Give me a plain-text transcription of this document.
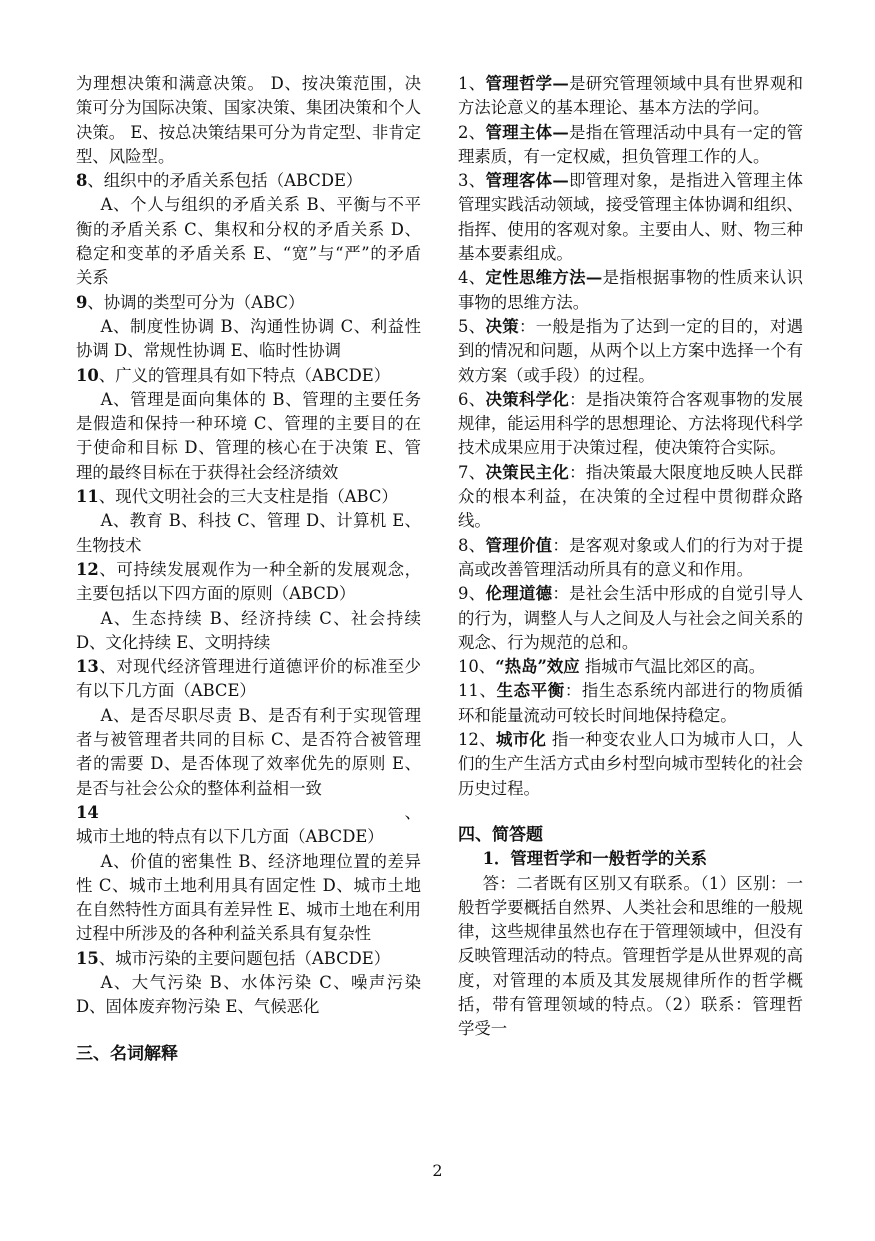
为理想决策和满意决策。 D、按决策范围，决策可分为国际决策、国家决策、集团决策和个人决策。 E、按总决策结果可分为肯定型、非肯定型、风险型。

8、组织中的矛盾关系包括（ABCDE）

A、个人与组织的矛盾关系 B、平衡与不平衡的矛盾关系 C、集权和分权的矛盾关系 D、稳定和变革的矛盾关系 E、“宽”与“严”的矛盾关系

9、协调的类型可分为（ABC）

A、制度性协调 B、沟通性协调 C、利益性协调 D、常规性协调 E、临时性协调

10、广义的管理具有如下特点（ABCDE）

A、管理是面向集体的 B、管理的主要任务是假造和保持一种环境 C、管理的主要目的在于使命和目标 D、管理的核心在于决策 E、管理的最终目标在于获得社会经济绩效

11、现代文明社会的三大支柱是指（ABC）

A、教育 B、科技 C、管理 D、计算机 E、生物技术

12、可持续发展观作为一种全新的发展观念，主要包括以下四方面的原则（ABCD）

A、生态持续 B、经济持续 C、社会持续 D、文化持续 E、文明持续

13、对现代经济管理进行道德评价的标准至少有以下几方面（ABCE）

A、是否尽职尽责 B、是否有利于实现管理者与被管理者共同的目标 C、是否符合被管理者的需要 D、是否体现了效率优先的原则 E、是否与社会公众的整体利益相一致

14、城市土地的特点有以下几方面（ABCDE）

A、价值的密集性 B、经济地理位置的差异性 C、城市土地利用具有固定性 D、城市土地在自然特性方面具有差异性 E、城市土地在利用过程中所涉及的各种利益关系具有复杂性

15、城市污染的主要问题包括（ABCDE）

A、大气污染 B、水体污染 C、噪声污染 D、固体废弃物污染 E、气候恶化

三、名词解释

1、管理哲学—是研究管理领域中具有世界观和方法论意义的基本理论、基本方法的学问。

2、管理主体—是指在管理活动中具有一定的管理素质，有一定权威，担负管理工作的人。

3、管理客体—即管理对象，是指进入管理主体管理实践活动领域，接受管理主体协调和组织、指挥、使用的客观对象。主要由人、财、物三种基本要素组成。

4、定性思维方法—是指根据事物的性质来认识事物的思维方法。

5、决策：一般是指为了达到一定的目的，对遇到的情况和问题，从两个以上方案中选择一个有效方案（或手段）的过程。

6、决策科学化：是指决策符合客观事物的发展规律，能运用科学的思想理论、方法将现代科学技术成果应用于决策过程，使决策符合实际。

7、决策民主化：指决策最大限度地反映人民群众的根本利益，在决策的全过程中贯彻群众路线。

8、管理价值：是客观对象或人们的行为对于提高或改善管理活动所具有的意义和作用。

9、伦理道德：是社会生活中形成的自觉引导人的行为，调整人与人之间及人与社会之间关系的观念、行为规范的总和。

10、“热岛”效应 指城市气温比郊区的高。

11、生态平衡：指生态系统内部进行的物质循环和能量流动可较长时间地保持稳定。

12、城市化 指一种变农业人口为城市人口，人们的生产生活方式由乡村型向城市型转化的社会历史过程。

四、简答题

1．管理哲学和一般哲学的关系

答：二者既有区别又有联系。（1）区别：一般哲学要概括自然界、人类社会和思维的一般规律，这些规律虽然也存在于管理领域中，但没有反映管理活动的特点。管理哲学是从世界观的高度，对管理的本质及其发展规律所作的哲学概括，带有管理领域的特点。（2）联系：管理哲学受一

2
